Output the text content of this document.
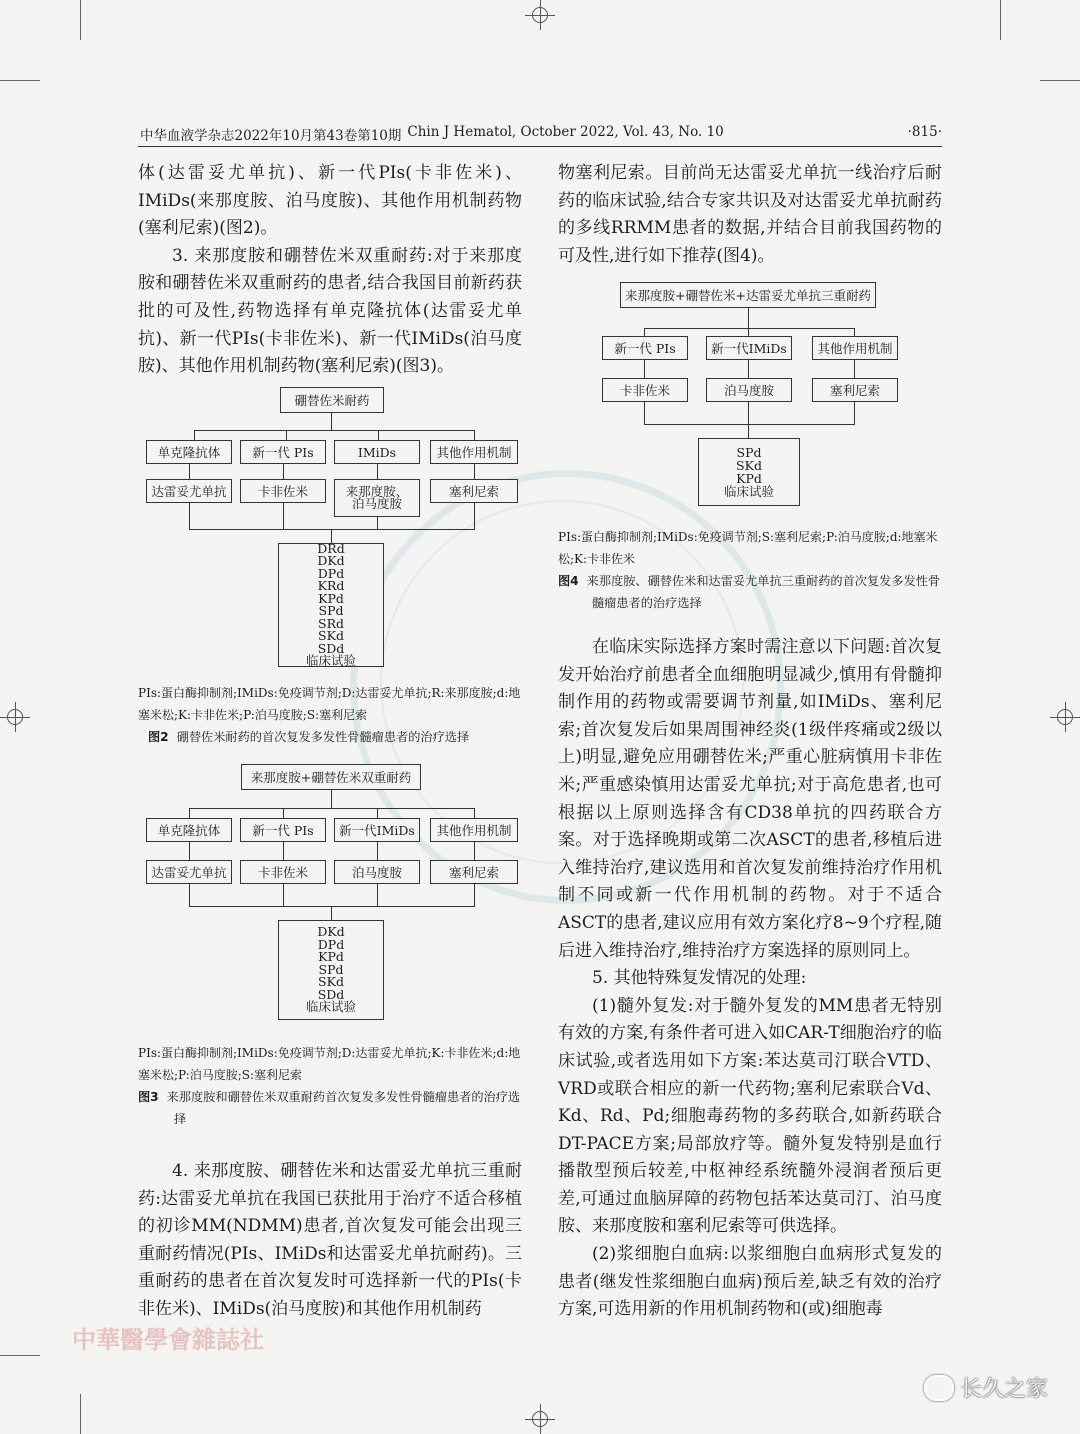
中华血液学杂志2022年10月第43卷第10期 Chin J Hematol, October 2022, Vol. 43, No. 10	·815·

体(达雷妥尤单抗)、新一代PIs(卡非佐米)、IMiDs(来那度胺、泊马度胺)、其他作用机制药物(塞利尼索)(图2)。

3. 来那度胺和硼替佐米双重耐药:对于来那度胺和硼替佐米双重耐药的患者,结合我国目前新药获批的可及性,药物选择有单克隆抗体(达雷妥尤单抗)、新一代PIs(卡非佐米)、新一代IMiDs(泊马度胺)、其他作用机制药物(塞利尼索)(图3)。

硼替佐米耐药
单克隆抗体	新一代 PIs	IMiDs	其他作用机制
达雷妥尤单抗	卡非佐米	来那度胺、
泊马度胺
塞利尼索
DRd
DKd
DPd
KRd
KPd
SPd
SRd
SKd
SDd
临床试验
PIs:蛋白酶抑制剂;IMiDs:免疫调节剂;D:达雷妥尤单抗;R:来那度胺;d:地塞米松;K:卡非佐米;P:泊马度胺;S:塞利尼索
图2 硼替佐米耐药的首次复发多发性骨髓瘤患者的治疗选择
来那度胺+硼替佐米双重耐药
单克隆抗体	新一代 PIs	新一代IMiDs	其他作用机制
达雷妥尤单抗	卡非佐米	泊马度胺	塞利尼索
DKd
DPd
KPd
SPd
SKd
SDd
临床试验
PIs:蛋白酶抑制剂;IMiDs:免疫调节剂;D:达雷妥尤单抗;K:卡非佐米;d:地塞米松;P:泊马度胺;S:塞利尼索
图3 来那度胺和硼替佐米双重耐药首次复发多发性骨髓瘤患者的治疗选择

4. 来那度胺、硼替佐米和达雷妥尤单抗三重耐药:达雷妥尤单抗在我国已获批用于治疗不适合移植的初诊MM(NDMM)患者,首次复发可能会出现三重耐药情况(PIs、IMiDs和达雷妥尤单抗耐药)。三重耐药的患者在首次复发时可选择新一代的PIs(卡非佐米)、IMiDs(泊马度胺)和其他作用机制药

物塞利尼索。目前尚无达雷妥尤单抗一线治疗后耐药的临床试验,结合专家共识及对达雷妥尤单抗耐药的多线RRMM患者的数据,并结合目前我国药物的可及性,进行如下推荐(图4)。

来那度胺+硼替佐米+达雷妥尤单抗三重耐药
新一代 PIs	新一代IMiDs	其他作用机制
卡非佐米	泊马度胺	塞利尼索
SPd
SKd
KPd
临床试验
PIs:蛋白酶抑制剂;IMiDs:免疫调节剂;S:塞利尼索;P:泊马度胺;d:地塞米松;K:卡非佐米
图4 来那度胺、硼替佐米和达雷妥尤单抗三重耐药的首次复发多发性骨髓瘤患者的治疗选择

在临床实际选择方案时需注意以下问题:首次复发开始治疗前患者全血细胞明显减少,慎用有骨髓抑制作用的药物或需要调节剂量,如IMiDs、塞利尼索;首次复发后如果周围神经炎(1级伴疼痛或2级以上)明显,避免应用硼替佐米;严重心脏病慎用卡非佐米;严重感染慎用达雷妥尤单抗;对于高危患者,也可根据以上原则选择含有CD38单抗的四药联合方案。对于选择晚期或第二次ASCT的患者,移植后进入维持治疗,建议选用和首次复发前维持治疗作用机制不同或新一代作用机制的药物。对于不适合ASCT的患者,建议应用有效方案化疗8~9个疗程,随后进入维持治疗,维持治疗方案选择的原则同上。

5. 其他特殊复发情况的处理:

(1)髓外复发:对于髓外复发的MM患者无特别有效的方案,有条件者可进入如CAR-T细胞治疗的临床试验,或者选用如下方案:苯达莫司汀联合VTD、VRD或联合相应的新一代药物;塞利尼索联合Vd、Kd、Rd、Pd;细胞毒药物的多药联合,如新药联合DT-PACE方案;局部放疗等。髓外复发特别是血行播散型预后较差,中枢神经系统髓外浸润者预后更差,可通过血脑屏障的药物包括苯达莫司汀、泊马度胺、来那度胺和塞利尼索等可供选择。

(2)浆细胞白血病:以浆细胞白血病形式复发的患者(继发性浆细胞白血病)预后差,缺乏有效的治疗方案,可选用新的作用机制药物和(或)细胞毒

中華醫學會雜誌社
长久之家
